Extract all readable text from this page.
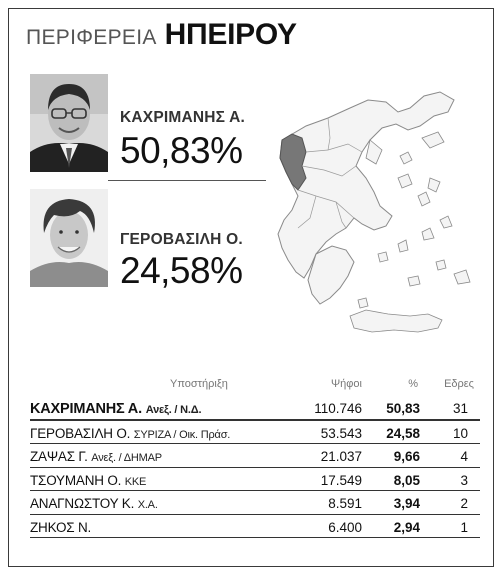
ΠΕΡΙΦΕΡΕΙΑ ΗΠΕΙΡΟΥ
ΚΑΧΡΙΜΑΝΗΣ Α.
50,83%
ΓΕΡΟΒΑΣΙΛΗ Ο.
24,58%
Υποστήριξη	Ψήφοι	% Εδρες
ΚΑΧΡΙΜΑΝΗΣ Α. Ανεξ. / Ν.Δ.	110.746 50,83 31
ΓΕΡΟΒΑΣΙΛΗ Ο. ΣΥΡΙΖΑ / Οικ. Πράσ.	53.543 24,58 10
ΖΑΨΑΣ Γ. Ανεξ. / ΔΗΜΑΡ	21.037 9,66	4
ΤΣΟΥΜΑΝΗ Ο. ΚΚΕ	17.549 8,05	3
ΑΝΑΓΝΩΣΤΟΥ Κ. Χ.Α.	8.591 3,94	2
ΖΗΚΟΣ Ν.	6.400 2,94	1
